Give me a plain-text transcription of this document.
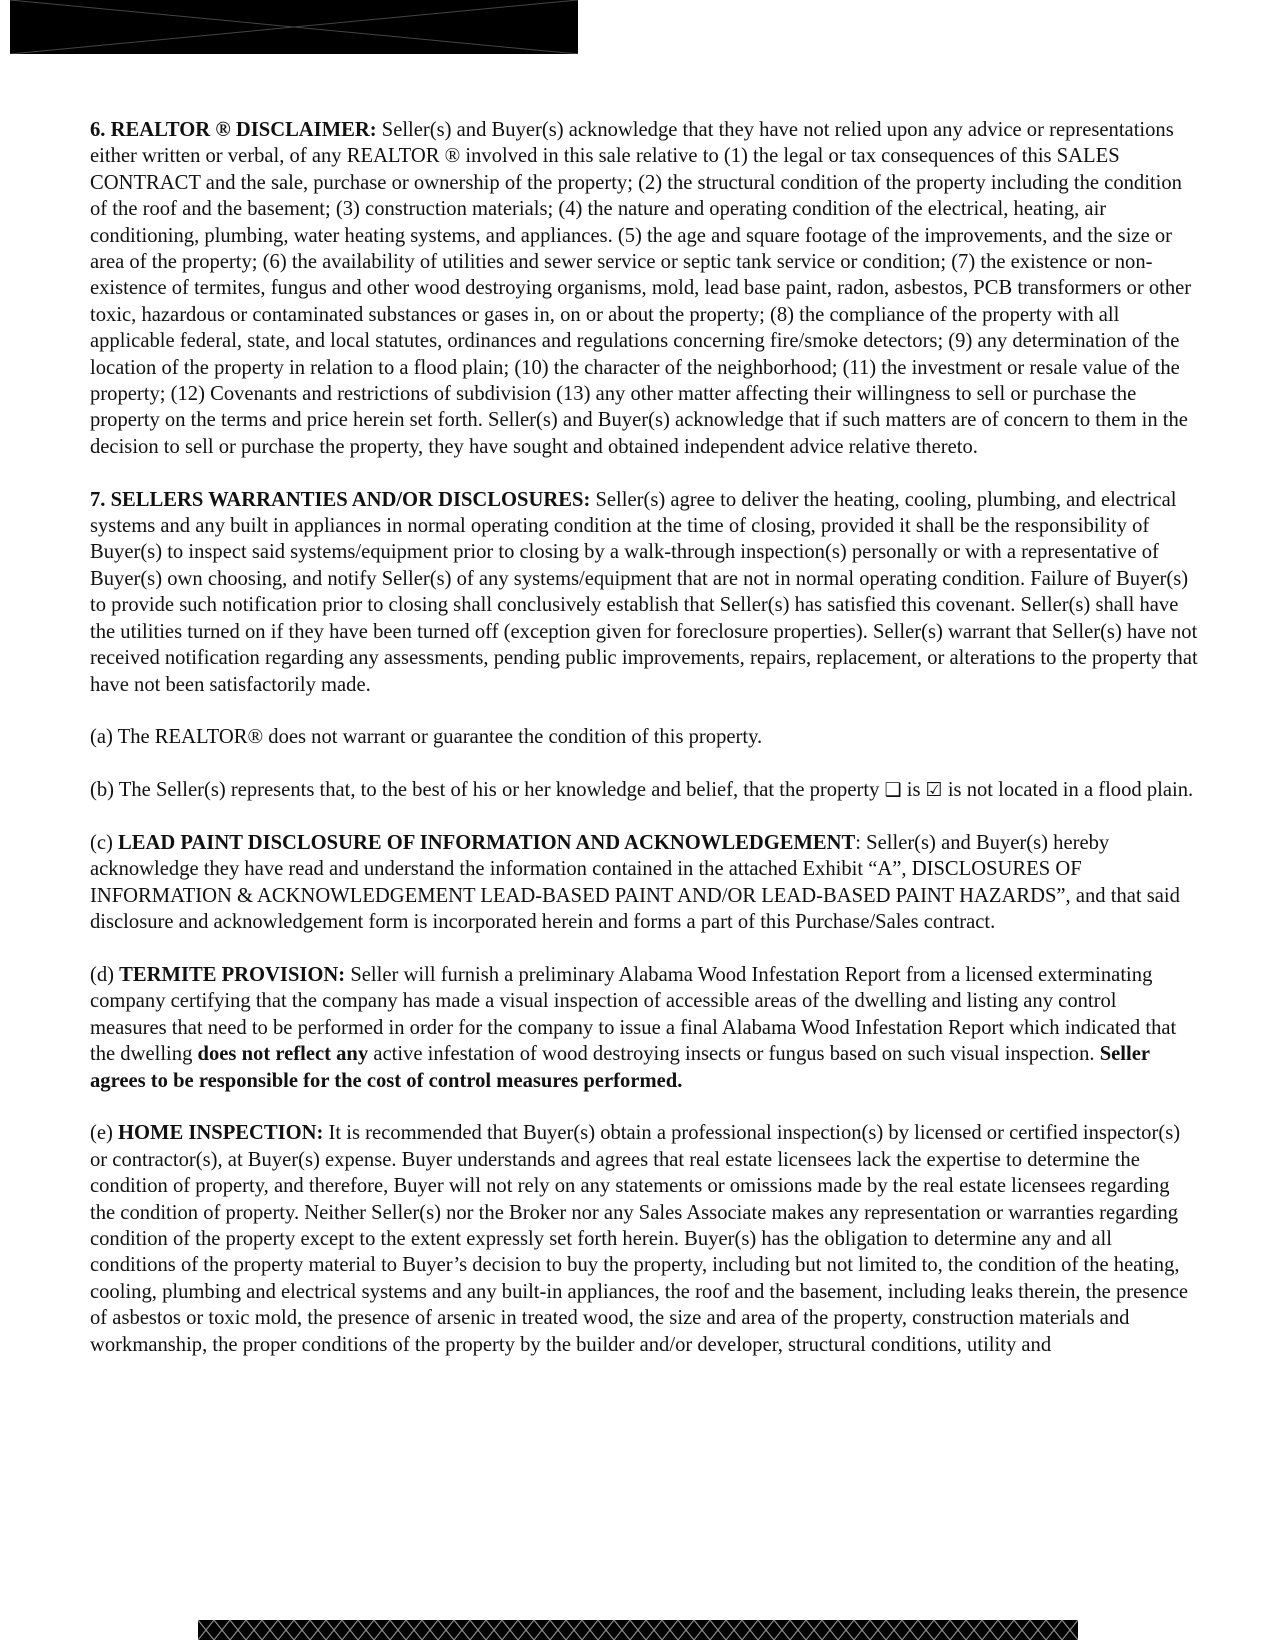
6. REALTOR ® DISCLAIMER: Seller(s) and Buyer(s) acknowledge that they have not relied upon any advice or representations either written or verbal, of any REALTOR ® involved in this sale relative to (1) the legal or tax consequences of this SALES CONTRACT and the sale, purchase or ownership of the property; (2) the structural condition of the property including the condition of the roof and the basement; (3) construction materials; (4) the nature and operating condition of the electrical, heating, air conditioning, plumbing, water heating systems, and appliances. (5) the age and square footage of the improvements, and the size or area of the property; (6) the availability of utilities and sewer service or septic tank service or condition; (7) the existence or non-existence of termites, fungus and other wood destroying organisms, mold, lead base paint, radon, asbestos, PCB transformers or other toxic, hazardous or contaminated substances or gases in, on or about the property; (8) the compliance of the property with all applicable federal, state, and local statutes, ordinances and regulations concerning fire/smoke detectors; (9) any determination of the location of the property in relation to a flood plain; (10) the character of the neighborhood; (11) the investment or resale value of the property; (12) Covenants and restrictions of subdivision (13) any other matter affecting their willingness to sell or purchase the property on the terms and price herein set forth. Seller(s) and Buyer(s) acknowledge that if such matters are of concern to them in the decision to sell or purchase the property, they have sought and obtained independent advice relative thereto.

7. SELLERS WARRANTIES AND/OR DISCLOSURES: Seller(s) agree to deliver the heating, cooling, plumbing, and electrical systems and any built in appliances in normal operating condition at the time of closing, provided it shall be the responsibility of Buyer(s) to inspect said systems/equipment prior to closing by a walk-through inspection(s) personally or with a representative of Buyer(s) own choosing, and notify Seller(s) of any systems/equipment that are not in normal operating condition. Failure of Buyer(s) to provide such notification prior to closing shall conclusively establish that Seller(s) has satisfied this covenant. Seller(s) shall have the utilities turned on if they have been turned off (exception given for foreclosure properties). Seller(s) warrant that Seller(s) have not received notification regarding any assessments, pending public improvements, repairs, replacement, or alterations to the property that have not been satisfactorily made.

(a) The REALTOR® does not warrant or guarantee the condition of this property.

(b) The Seller(s) represents that, to the best of his or her knowledge and belief, that the property ❑ is ☑ is not located in a flood plain.

(c) LEAD PAINT DISCLOSURE OF INFORMATION AND ACKNOWLEDGEMENT: Seller(s) and Buyer(s) hereby acknowledge they have read and understand the information contained in the attached Exhibit “A”, DISCLOSURES OF INFORMATION & ACKNOWLEDGEMENT LEAD-BASED PAINT AND/OR LEAD-BASED PAINT HAZARDS”, and that said disclosure and acknowledgement form is incorporated herein and forms a part of this Purchase/Sales contract.

(d) TERMITE PROVISION: Seller will furnish a preliminary Alabama Wood Infestation Report from a licensed exterminating company certifying that the company has made a visual inspection of accessible areas of the dwelling and listing any control measures that need to be performed in order for the company to issue a final Alabama Wood Infestation Report which indicated that the dwelling does not reflect any active infestation of wood destroying insects or fungus based on such visual inspection. Seller agrees to be responsible for the cost of control measures performed.

(e) HOME INSPECTION: It is recommended that Buyer(s) obtain a professional inspection(s) by licensed or certified inspector(s) or contractor(s), at Buyer(s) expense. Buyer understands and agrees that real estate licensees lack the expertise to determine the condition of property, and therefore, Buyer will not rely on any statements or omissions made by the real estate licensees regarding the condition of property. Neither Seller(s) nor the Broker nor any Sales Associate makes any representation or warranties regarding condition of the property except to the extent expressly set forth herein. Buyer(s) has the obligation to determine any and all conditions of the property material to Buyer’s decision to buy the property, including but not limited to, the condition of the heating, cooling, plumbing and electrical systems and any built-in appliances, the roof and the basement, including leaks therein, the presence of asbestos or toxic mold, the presence of arsenic in treated wood, the size and area of the property, construction materials and workmanship, the proper conditions of the property by the builder and/or developer, structural conditions, utility and
